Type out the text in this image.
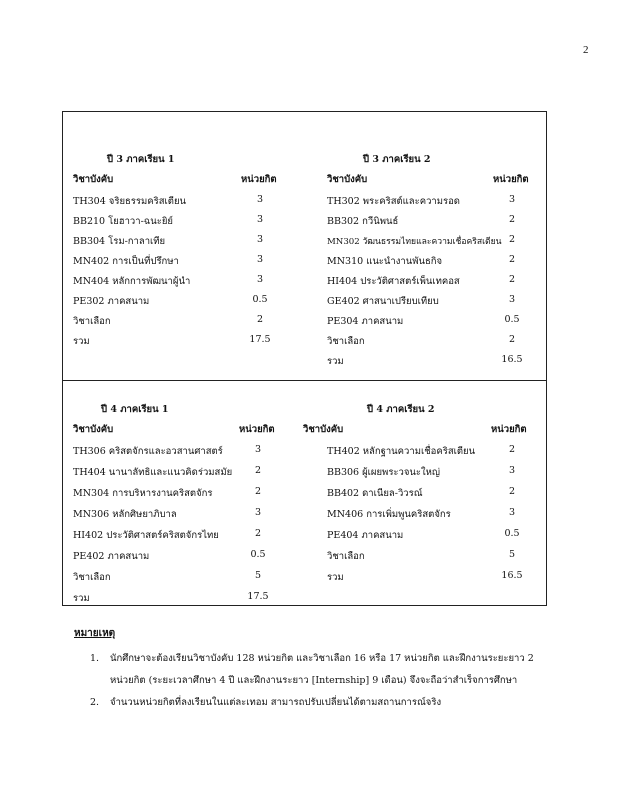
2
ปี 3 ภาคเรียน 1
วิชาบังคับ	หน่วยกิต
TH304 จริยธรรมคริสเตียน	3
BB210 โยฮาวา-ฉนะยิย์	3
BB304 โรม-กาลาเทีย	3
MN402 การเป็นที่ปรึกษา	3
MN404 หลักการพัฒนาผู้นำ	3
PE302 ภาคสนาม	0.5
วิชาเลือก	2
รวม	17.5
ปี 3 ภาคเรียน 2
วิชาบังคับ	หน่วยกิต
TH302 พระคริสต์และความรอด	3
BB302 กวีนิพนธ์	2
MN302 วัฒนธรรมไทยและความเชื่อคริสเตียน 2
MN310 แนะนำงานพันธกิจ	2
HI404 ประวัติศาสตร์เพ็นเทคอส	2
GE402 ศาสนาเปรียบเทียบ	3
PE304 ภาคสนาม	0.5
วิชาเลือก	2
รวม	16.5
ปี 4 ภาคเรียน 1
วิชาบังคับ	หน่วยกิต
TH306 คริสตจักรและอวสานศาสตร์	3
TH404 นานาลัทธิและแนวคิดร่วมสมัย	2
MN304 การบริหารงานคริสตจักร	2
MN306 หลักศิษยาภิบาล	3
HI402 ประวัติศาสตร์คริสตจักรไทย	2
PE402 ภาคสนาม	0.5
วิชาเลือก	5
รวม	17.5
ปี 4 ภาคเรียน 2
วิชาบังคับ	หน่วยกิต
TH402 หลักฐานความเชื่อคริสเตียน	2
BB306 ผู้เผยพระวจนะใหญ่	3
BB402 ดาเนียล-วิวรณ์	2
MN406 การเพิ่มพูนคริสตจักร	3
PE404 ภาคสนาม	0.5
วิชาเลือก	5
รวม	16.5
หมายเหตุ
1. นักศึกษาจะต้องเรียนวิชาบังคับ 128 หน่วยกิต และวิชาเลือก 16 หรือ 17 หน่วยกิต และฝึกงานระยะยาว 2 หน่วยกิต (ระยะเวลาศึกษา 4 ปี และฝึกงานระยาว [Internship] 9 เดือน) จึงจะถือว่าสำเร็จการศึกษา
2. จำนวนหน่วยกิตที่ลงเรียนในแต่ละเทอม สามารถปรับเปลี่ยนได้ตามสถานการณ์จริง
